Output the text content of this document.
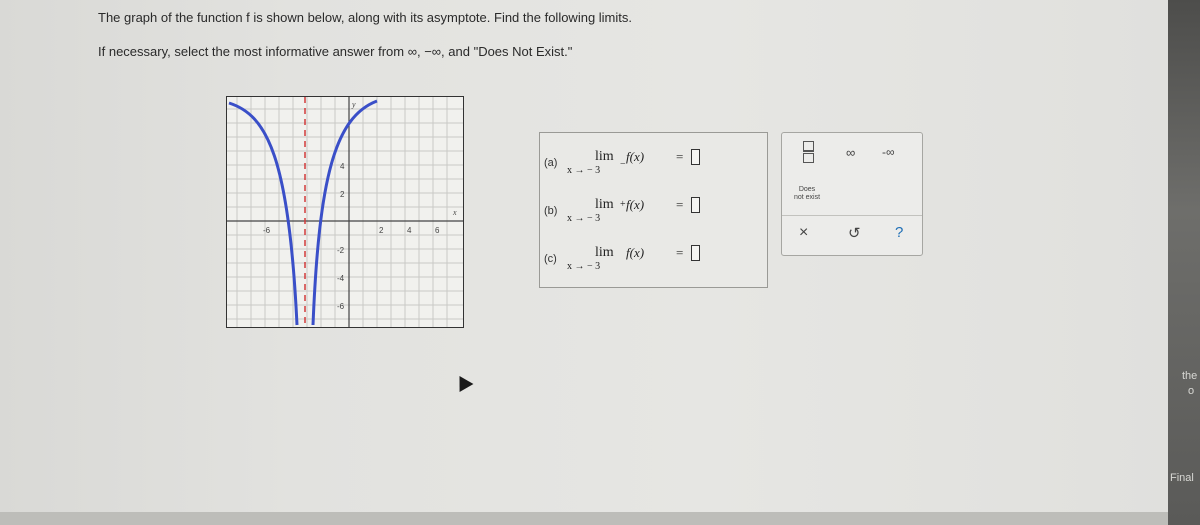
The graph of the function f is shown below, along with its asymptote. Find the following limits.
If necessary, select the most informative answer from ∞, −∞, and "Does Not Exist."
-6	2	4	6
4
2
-2
-4
-6
x
y
(a)	lim
x → − 3
−
f(x) =
(b)	lim
x → − 3
+ f(x) =
(c)	lim
x → − 3
f(x) =
∞ -∞
Does
not exist
×	↺ ?
the
o
Final
